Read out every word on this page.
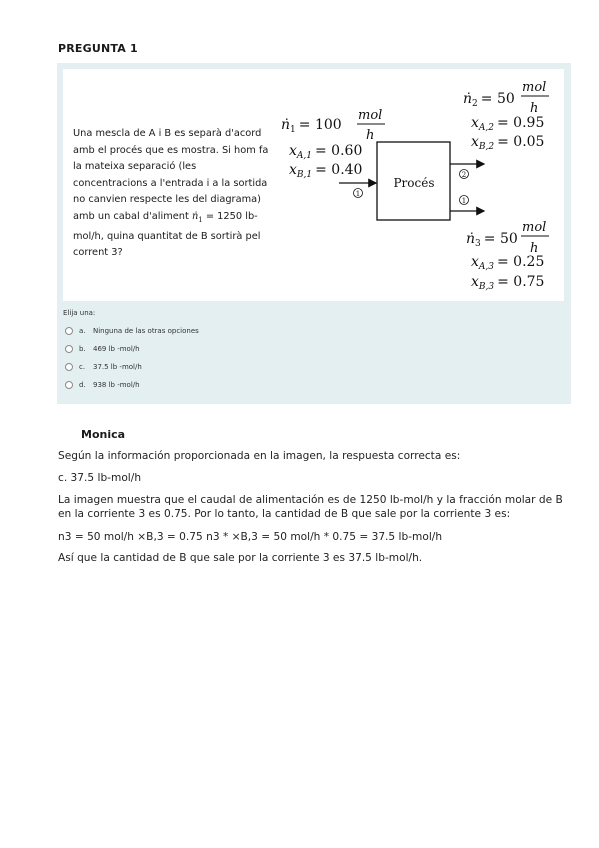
PREGUNTA 1
Una mescla de A i B es separà d'acord amb el procés que es mostra. Si hom fa la mateixa separació (les concentracions a l'entrada i a la sortida no canvien respecte les del diagrama) amb un cabal d'aliment ṅ$_1$ = 1250 lb-mol/h, quina quantitat de B sortirà pel corrent 3?
ṅ$_1$ = 100
mol
h
$x_{A,1} = 0.60$
$x_{B,1} = 0.40$
1
Procés
ṅ$_2$ = 50
mol
h
$x_{A,2} = 0.95$
$x_{B,2} = 0.05$
2
1
ṅ$_3$ = 50
mol
h
$x_{A,3} = 0.25$
$x_{B,3} = 0.75$
Elija una:
a.	Ninguna de las otras opciones
b.	469 lb -mol/h
c.	37.5 lb -mol/h
d.	938 lb -mol/h
Monica
Según la información proporcionada en la imagen, la respuesta correcta es:
c. 37.5 lb-mol/h
La imagen muestra que el caudal de alimentación es de 1250 lb-mol/h y la fracción molar de B en la corriente 3 es 0.75. Por lo tanto, la cantidad de B que sale por la corriente 3 es:
n3 = 50 mol/h ×B,3 = 0.75 n3 * ×B,3 = 50 mol/h * 0.75 = 37.5 lb-mol/h
Así que la cantidad de B que sale por la corriente 3 es 37.5 lb-mol/h.
